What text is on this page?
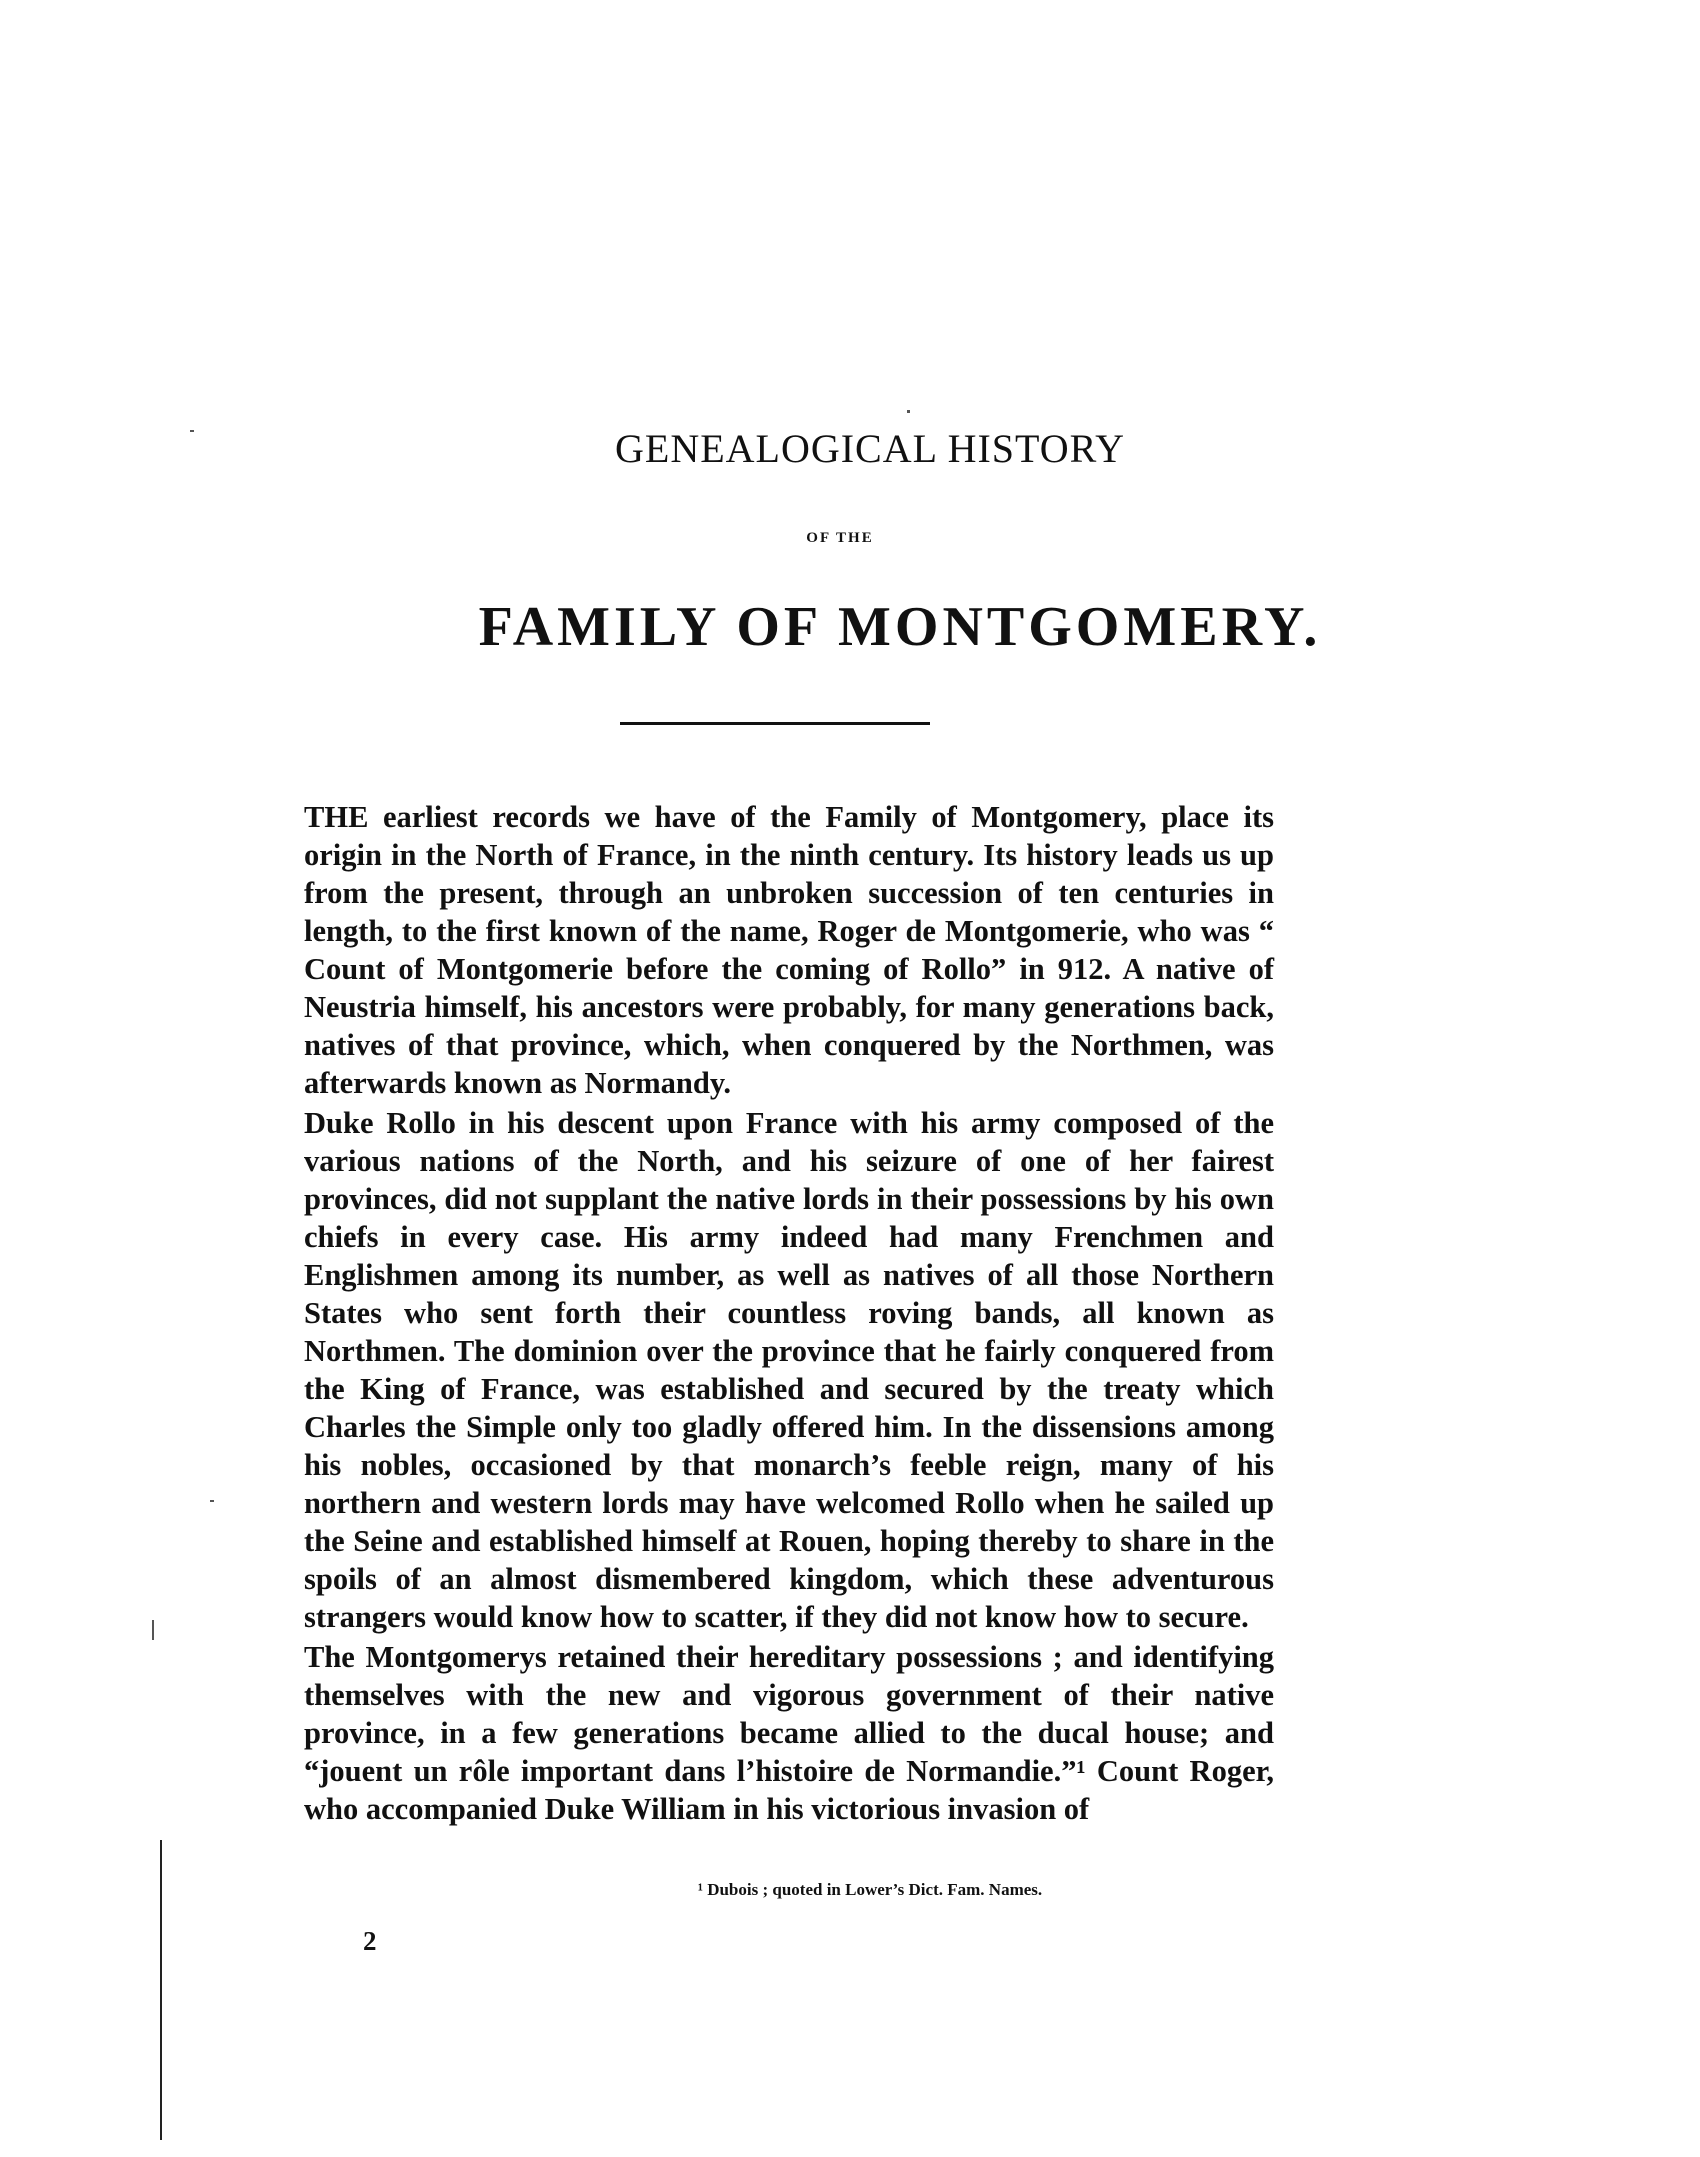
GENEALOGICAL HISTORY
OF THE
FAMILY OF MONTGOMERY.

THE earliest records we have of the Family of Montgomery, place its origin in the North of France, in the ninth century. Its history leads us up from the present, through an unbroken succession of ten centuries in length, to the first known of the name, Roger de Montgomerie, who was “ Count of Montgomerie before the coming of Rollo” in 912. A native of Neustria himself, his ancestors were probably, for many generations back, natives of that province, which, when conquered by the Northmen, was afterwards known as Normandy.

Duke Rollo in his descent upon France with his army composed of the various nations of the North, and his seizure of one of her fairest provinces, did not supplant the native lords in their possessions by his own chiefs in every case. His army indeed had many Frenchmen and Englishmen among its number, as well as natives of all those Northern States who sent forth their countless roving bands, all known as Northmen. The dominion over the province that he fairly conquered from the King of France, was established and secured by the treaty which Charles the Simple only too gladly offered him. In the dissensions among his nobles, occasioned by that monarch’s feeble reign, many of his northern and western lords may have welcomed Rollo when he sailed up the Seine and established himself at Rouen, hoping thereby to share in the spoils of an almost dismembered kingdom, which these adventurous strangers would know how to scatter, if they did not know how to secure.

The Montgomerys retained their hereditary possessions ; and identifying themselves with the new and vigorous government of their native province, in a few generations became allied to the ducal house; and “jouent un rôle important dans l’histoire de Normandie.”¹ Count Roger, who accompanied Duke William in his victorious invasion of

¹ Dubois ; quoted in Lower’s Dict. Fam. Names.
2
